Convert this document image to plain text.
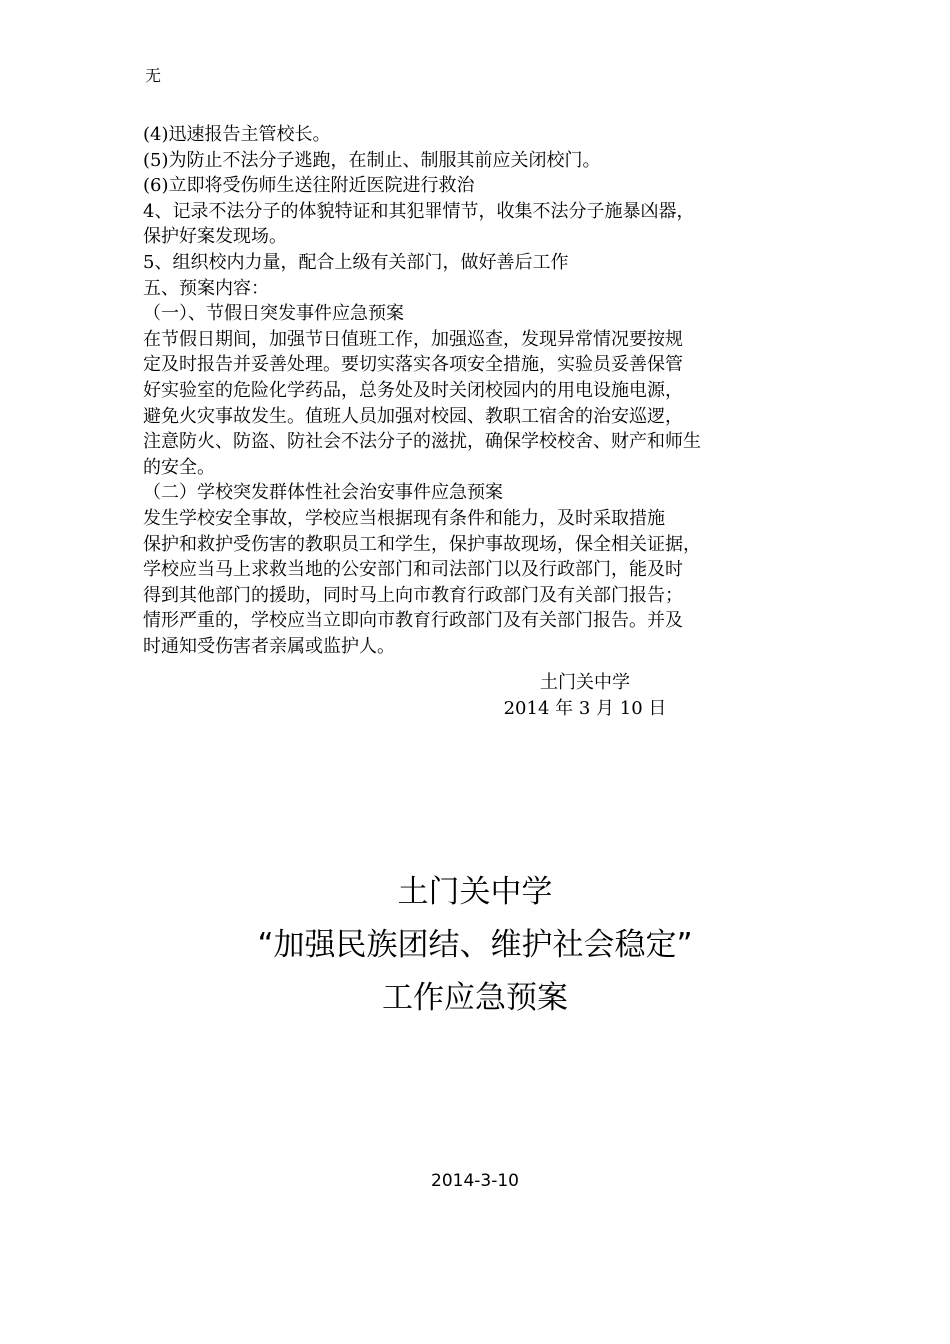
无
(4)迅速报告主管校长。
(5)为防止不法分子逃跑，在制止、制服其前应关闭校门。
(6)立即将受伤师生送往附近医院进行救治
4、记录不法分子的体貌特证和其犯罪情节，收集不法分子施暴凶器，
保护好案发现场。
5、组织校内力量，配合上级有关部门，做好善后工作
五、预案内容：
（一）、节假日突发事件应急预案
在节假日期间，加强节日值班工作，加强巡查，发现异常情况要按规
定及时报告并妥善处理。要切实落实各项安全措施，实验员妥善保管
好实验室的危险化学药品，总务处及时关闭校园内的用电设施电源，
避免火灾事故发生。值班人员加强对校园、教职工宿舍的治安巡逻，
注意防火、防盗、防社会不法分子的滋扰，确保学校校舍、财产和师生
的安全。
（二）学校突发群体性社会治安事件应急预案
发生学校安全事故，学校应当根据现有条件和能力，及时采取措施
保护和救护受伤害的教职员工和学生，保护事故现场，保全相关证据，
学校应当马上求救当地的公安部门和司法部门以及行政部门，能及时
得到其他部门的援助，同时马上向市教育行政部门及有关部门报告；
情形严重的，学校应当立即向市教育行政部门及有关部门报告。并及
时通知受伤害者亲属或监护人。
土门关中学
2014 年 3 月 10 日
土门关中学
“加强民族团结、维护社会稳定”
工作应急预案
2014-3-10
